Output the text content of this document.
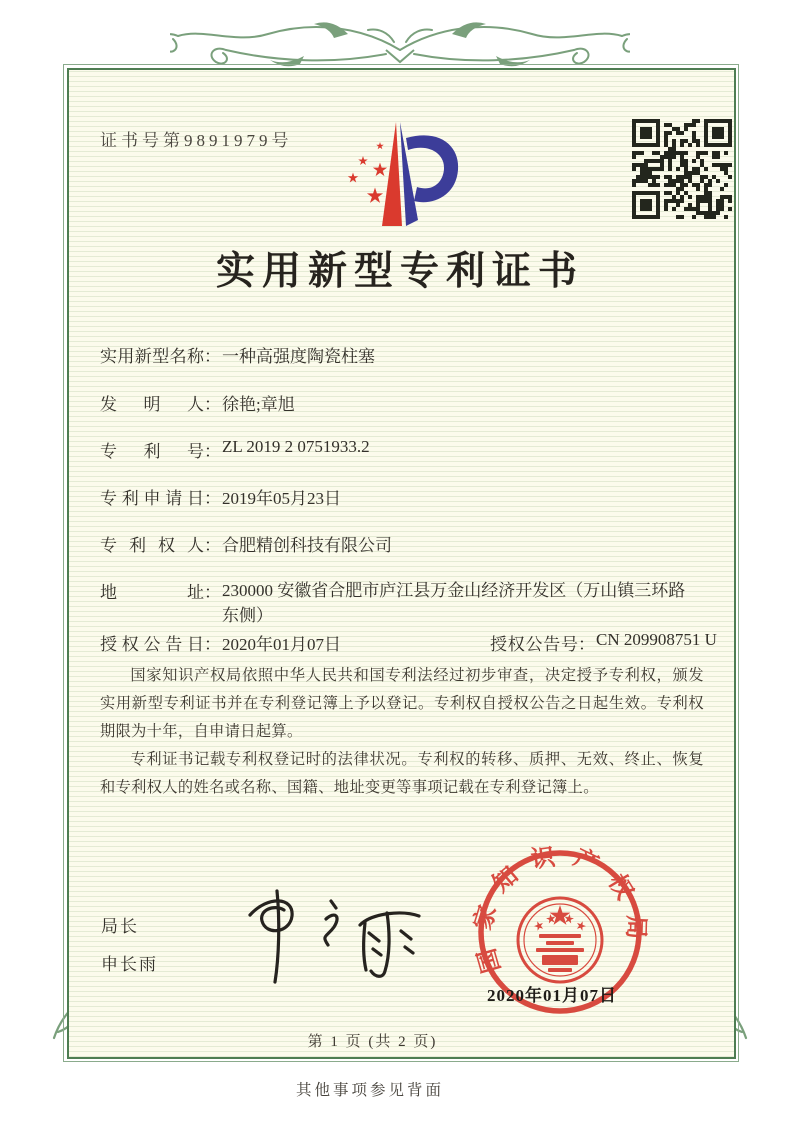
证书号第9891979号
实用新型专利证书
实用新型名称：一种高强度陶瓷柱塞
发明人：徐艳;章旭
专利号：ZL 2019 2 0751933.2
专利申请日：2019年05月23日
专利权人：合肥精创科技有限公司
地址：230000 安徽省合肥市庐江县万金山经济开发区（万山镇三环路东侧）
授权公告日：2020年01月07日	授权公告号：CN 209908751 U

国家知识产权局依照中华人民共和国专利法经过初步审查，决定授予专利权，颁发实用新型专利证书并在专利登记簿上予以登记。专利权自授权公告之日起生效。专利权期限为十年，自申请日起算。

专利证书记载专利权登记时的法律状况。专利权的转移、质押、无效、终止、恢复和专利权人的姓名或名称、国籍、地址变更等事项记载在专利登记簿上。

局长
申长雨	国家知识产权局
2020年01月07日
第 1 页 (共 2 页)
其他事项参见背面
